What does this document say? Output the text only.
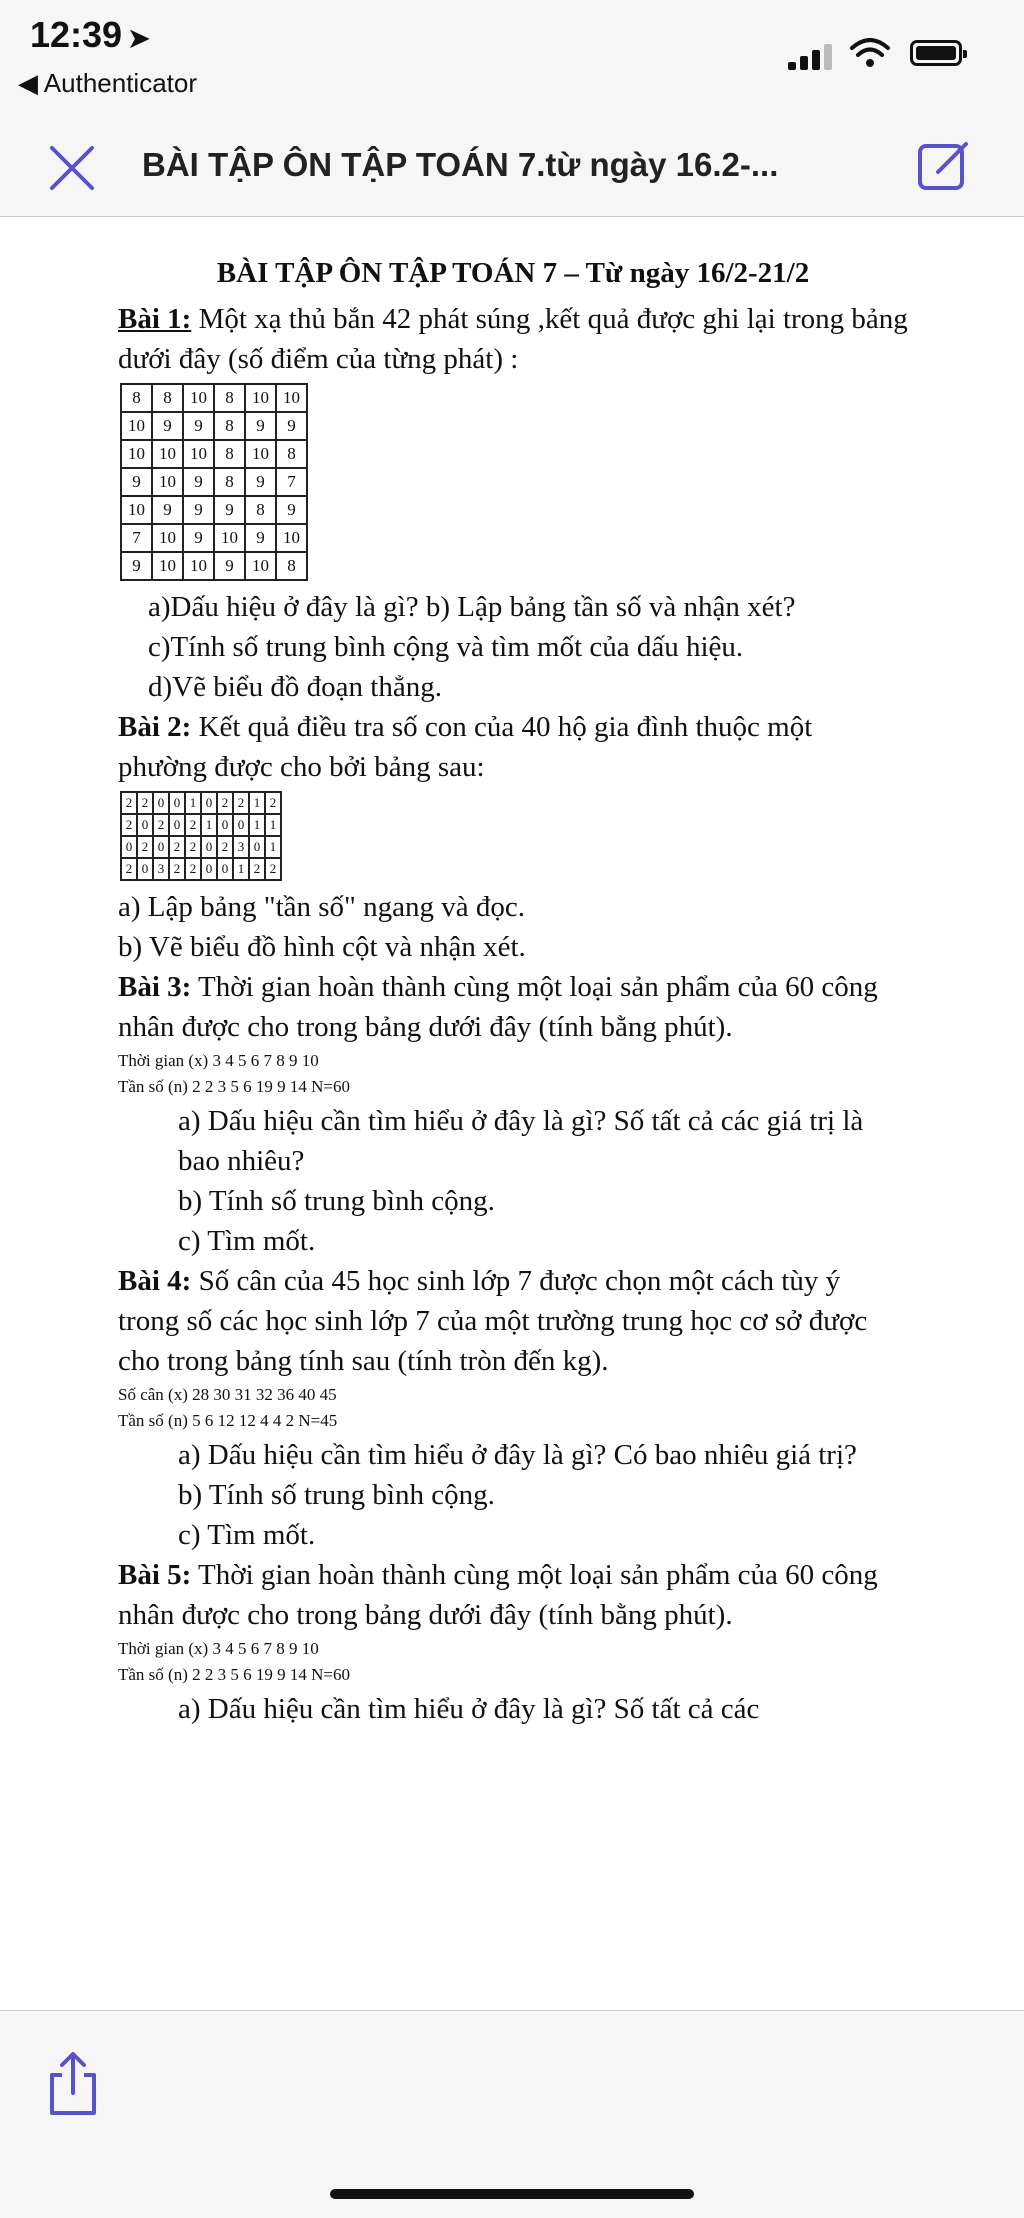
12:39 ➤
◀ Authenticator
BÀI TẬP ÔN TẬP TOÁN 7.từ ngày 16.2-...
BÀI TẬP ÔN TẬP TOÁN 7 – Từ ngày 16/2-21/2

Bài 1: Một xạ thủ bắn 42 phát súng ,kết quả được ghi lại trong bảng dưới đây (số điểm của từng phát) :

8	8	10	8	10	10
10	9	9	8	9	9
10	10	10	8	10	8
9	10	9	8	9	7
10	9	9	9	8	9
7	10	9	10	9	10
9	10	10	9	10	8

a)Dấu hiệu ở đây là gì? b) Lập bảng tần số và nhận xét?

c)Tính số trung bình cộng và tìm mốt của dấu hiệu.

d)Vẽ biểu đồ đoạn thẳng.

Bài 2: Kết quả điều tra số con của 40 hộ gia đình thuộc một phường được cho bởi bảng sau:

2	2	0	0	1	0	2	2	1	2
2	0	2	0	2	1	0	0	1	1
0	2	0	2	2	0	2	3	0	1
2	0	3	2	2	0	0	1	2	2

a) Lập bảng "tần số" ngang và đọc.

b) Vẽ biểu đồ hình cột và nhận xét.

Bài 3: Thời gian hoàn thành cùng một loại sản phẩm của 60 công nhân được cho trong bảng dưới đây (tính bằng phút).

Thời gian (x) 3 4 5 6 7 8 9 10

Tần số (n) 2 2 3 5 6 19 9 14 N=60

a) Dấu hiệu cần tìm hiểu ở đây là gì? Số tất cả các giá trị là bao nhiêu?

b) Tính số trung bình cộng.

c) Tìm mốt.

Bài 4: Số cân của 45 học sinh lớp 7 được chọn một cách tùy ý trong số các học sinh lớp 7 của một trường trung học cơ sở được cho trong bảng tính sau (tính tròn đến kg).

Số cân (x) 28 30 31 32 36 40 45

Tần số (n) 5 6 12 12 4 4 2 N=45

a) Dấu hiệu cần tìm hiểu ở đây là gì? Có bao nhiêu giá trị?

b) Tính số trung bình cộng.

c) Tìm mốt.

Bài 5: Thời gian hoàn thành cùng một loại sản phẩm của 60 công nhân được cho trong bảng dưới đây (tính bằng phút).

Thời gian (x) 3 4 5 6 7 8 9 10

Tần số (n) 2 2 3 5 6 19 9 14 N=60

a) Dấu hiệu cần tìm hiểu ở đây là gì? Số tất cả các
